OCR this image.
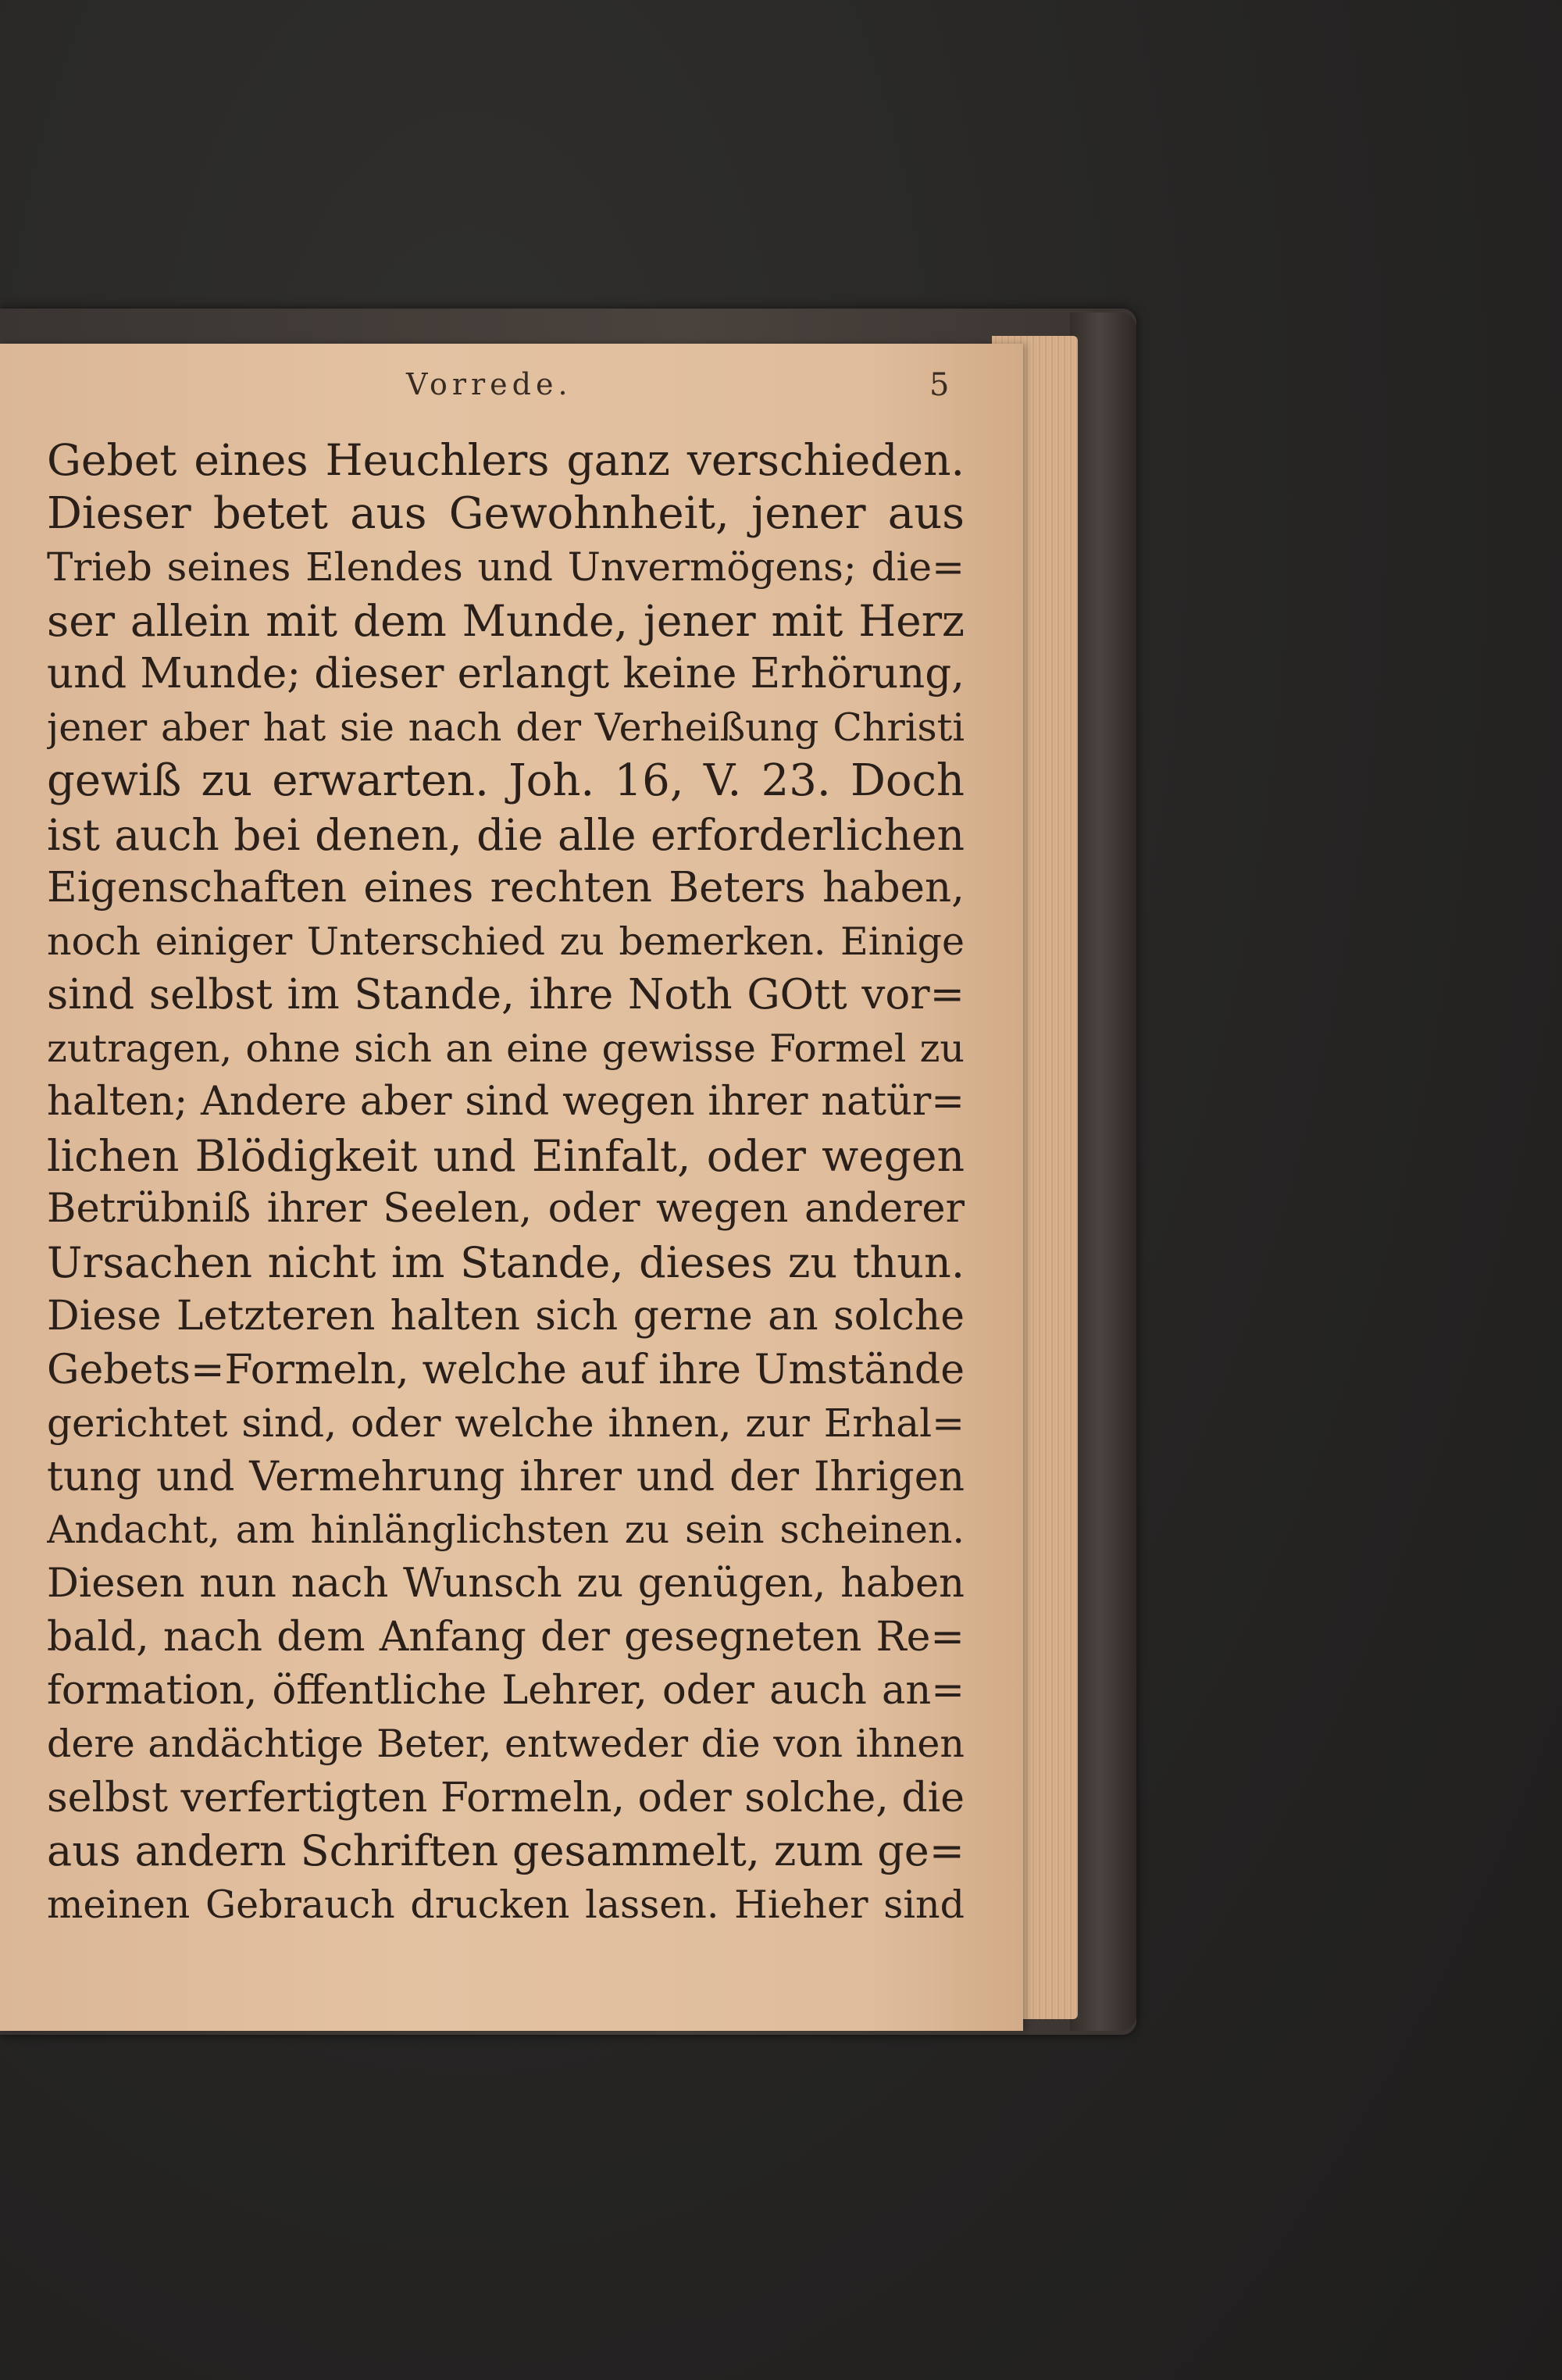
Vorrede.	5
Gebet eines Heuchlers ganz verschieden.
Dieser betet aus Gewohnheit, jener aus
Trieb seines Elendes und Unvermögens; die=
ser allein mit dem Munde, jener mit Herz
und Munde; dieser erlangt keine Erhörung,
jener aber hat sie nach der Verheißung Christi
gewiß zu erwarten. Joh. 16, V. 23. Doch
ist auch bei denen, die alle erforderlichen
Eigenschaften eines rechten Beters haben,
noch einiger Unterschied zu bemerken. Einige
sind selbst im Stande, ihre Noth GOtt vor=
zutragen, ohne sich an eine gewisse Formel zu
halten; Andere aber sind wegen ihrer natür=
lichen Blödigkeit und Einfalt, oder wegen
Betrübniß ihrer Seelen, oder wegen anderer
Ursachen nicht im Stande, dieses zu thun.
Diese Letzteren halten sich gerne an solche
Gebets=Formeln, welche auf ihre Umstände
gerichtet sind, oder welche ihnen, zur Erhal=
tung und Vermehrung ihrer und der Ihrigen
Andacht, am hinlänglichsten zu sein scheinen.
Diesen nun nach Wunsch zu genügen, haben
bald, nach dem Anfang der gesegneten Re=
formation, öffentliche Lehrer, oder auch an=
dere andächtige Beter, entweder die von ihnen
selbst verfertigten Formeln, oder solche, die
aus andern Schriften gesammelt, zum ge=
meinen Gebrauch drucken lassen. Hieher sind
